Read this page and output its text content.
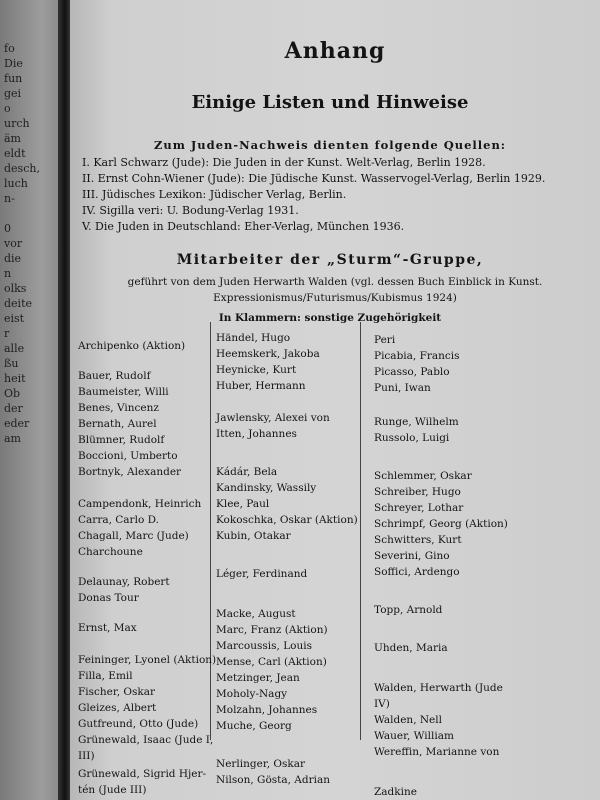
fo
Die
fun
gei
o
urch
äm
eldt
desch,
luch
n-
0
vor
die
n
olks
deite
eist
r
alle
ßu
heit
Ob
der
eder
am
Anhang
Einige Listen und Hinweise
Zum Juden-Nachweis dienten folgende Quellen:
I. Karl Schwarz (Jude): Die Juden in der Kunst. Welt-Verlag, Berlin 1928.
II. Ernst Cohn-Wiener (Jude): Die Jüdische Kunst. Wasservogel-Verlag, Berlin 1929.
III. Jüdisches Lexikon: Jüdischer Verlag, Berlin.
IV. Sigilla veri: U. Bodung-Verlag 1931.
V. Die Juden in Deutschland: Eher-Verlag, München 1936.
Mitarbeiter der „Sturm“-Gruppe,
geführt von dem Juden Herwarth Walden (vgl. dessen Buch Einblick in Kunst.
Expressionismus/Futurismus/Kubismus 1924)
In Klammern: sonstige Zugehörigkeit
Archipenko (Aktion)
Bauer, Rudolf
Baumeister, Willi
Benes, Vincenz
Bernath, Aurel
Blümner, Rudolf
Boccioni, Umberto
Bortnyk, Alexander
Campendonk, Heinrich
Carra, Carlo D.
Chagall, Marc (Jude)
Charchoune
Delaunay, Robert
Donas Tour
Ernst, Max
Feininger, Lyonel (Aktion)
Filla, Emil
Fischer, Oskar
Gleizes, Albert
Gutfreund, Otto (Jude)
Grünewald, Isaac (Jude I,
III)
Grünewald, Sigrid Hjer-
tén (Jude III)
Händel, Hugo
Heemskerk, Jakoba
Heynicke, Kurt
Huber, Hermann
Jawlensky, Alexei von
Itten, Johannes
Kádár, Bela
Kandinsky, Wassily
Klee, Paul
Kokoschka, Oskar (Aktion)
Kubin, Otakar
Léger, Ferdinand
Macke, August
Marc, Franz (Aktion)
Marcoussis, Louis
Mense, Carl (Aktion)
Metzinger, Jean
Moholy-Nagy
Molzahn, Johannes
Muche, Georg
Nerlinger, Oskar
Nilson, Gösta, Adrian
Peri
Picabia, Francis
Picasso, Pablo
Puni, Iwan
Runge, Wilhelm
Russolo, Luigi
Schlemmer, Oskar
Schreiber, Hugo
Schreyer, Lothar
Schrimpf, Georg (Aktion)
Schwitters, Kurt
Severini, Gino
Soffici, Ardengo
Topp, Arnold
Uhden, Maria
Walden, Herwarth (Jude
IV)
Walden, Nell
Wauer, William
Wereffin, Marianne von
Zadkine
